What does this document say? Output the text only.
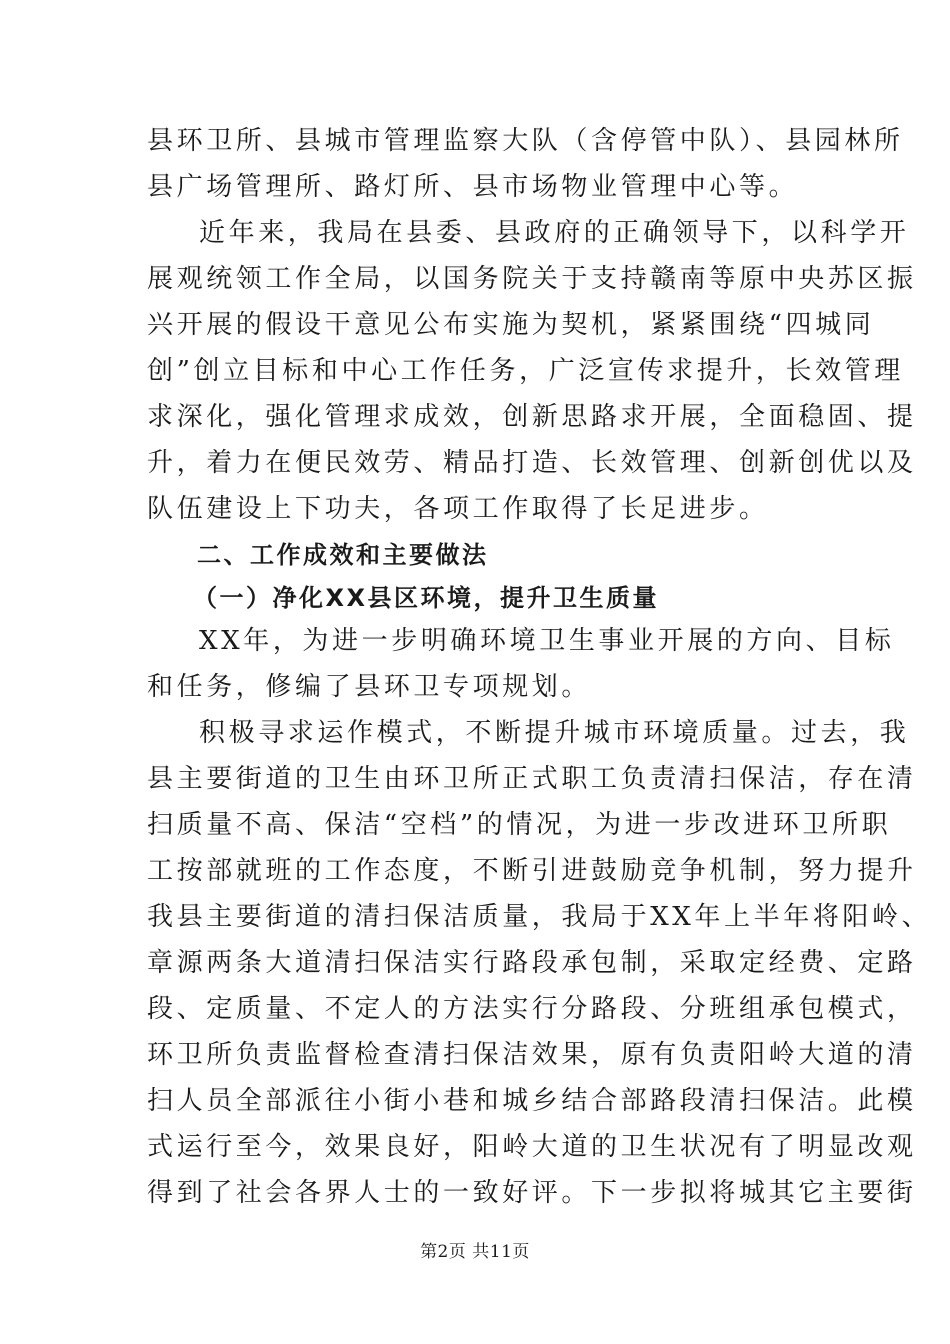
县环卫所、县城市管理监察大队（含停管中队）、县园林所
县广场管理所、路灯所、县市场物业管理中心等。
近年来，我局在县委、县政府的正确领导下，以科学开
展观统领工作全局，以国务院关于支持赣南等原中央苏区振
兴开展的假设干意见公布实施为契机，紧紧围绕“四城同
创”创立目标和中心工作任务，广泛宣传求提升，长效管理
求深化，强化管理求成效，创新思路求开展，全面稳固、提
升，着力在便民效劳、精品打造、长效管理、创新创优以及
队伍建设上下功夫，各项工作取得了长足进步。
二、工作成效和主要做法
（一）净化XX县区环境，提升卫生质量
XX年，为进一步明确环境卫生事业开展的方向、目标
和任务，修编了县环卫专项规划。
积极寻求运作模式，不断提升城市环境质量。过去，我
县主要街道的卫生由环卫所正式职工负责清扫保洁，存在清
扫质量不高、保洁“空档”的情况，为进一步改进环卫所职
工按部就班的工作态度，不断引进鼓励竞争机制，努力提升
我县主要街道的清扫保洁质量，我局于XX年上半年将阳岭、
章源两条大道清扫保洁实行路段承包制，采取定经费、定路
段、定质量、不定人的方法实行分路段、分班组承包模式，
环卫所负责监督检查清扫保洁效果，原有负责阳岭大道的清
扫人员全部派往小街小巷和城乡结合部路段清扫保洁。此模
式运行至今，效果良好，阳岭大道的卫生状况有了明显改观
得到了社会各界人士的一致好评。下一步拟将城其它主要街
第2页 共11页
